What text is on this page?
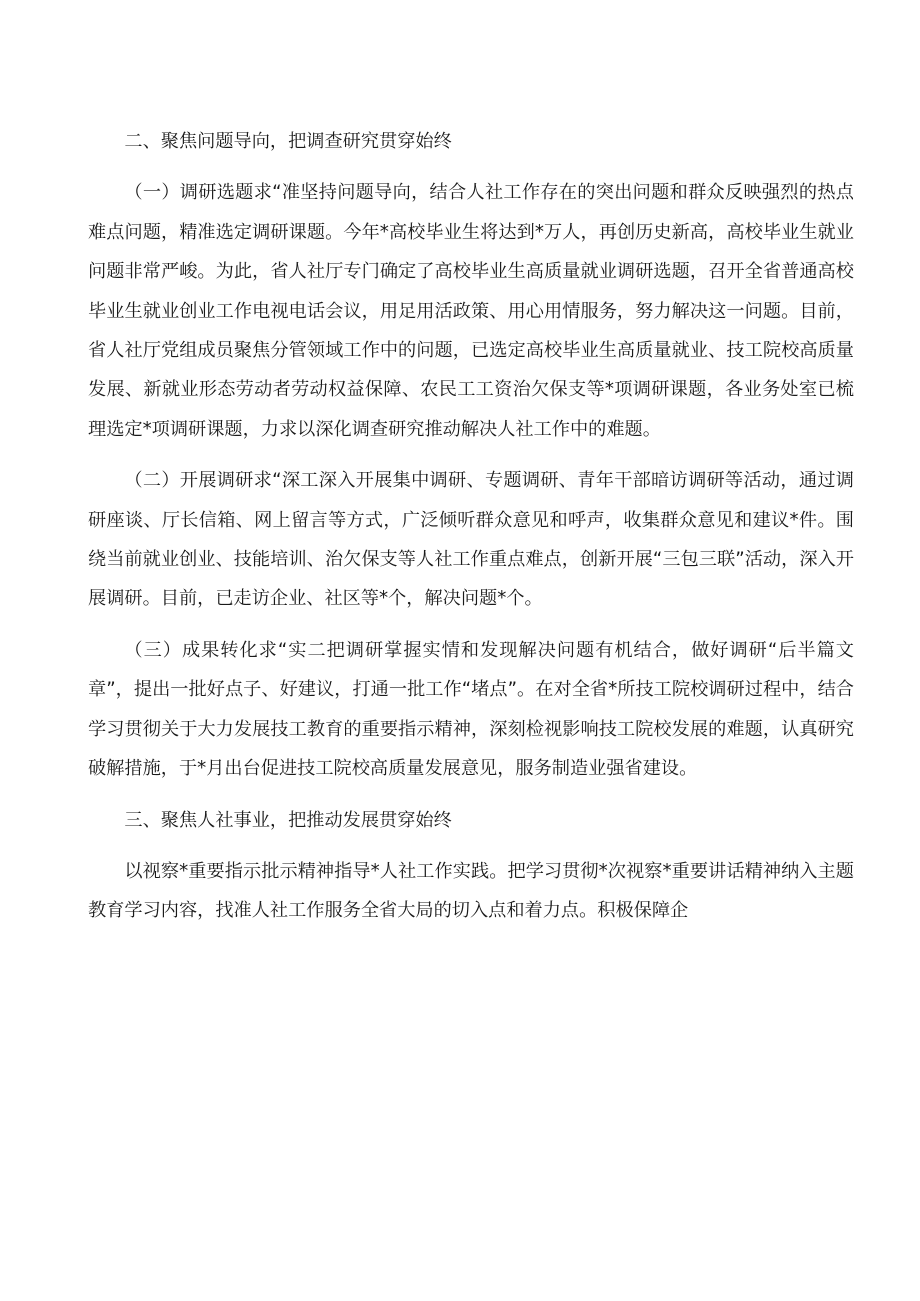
二、聚焦问题导向，把调查研究贯穿始终

（一）调研选题求“准坚持问题导向，结合人社工作存在的突出问题和群众反映强烈的热点难点问题，精准选定调研课题。今年*高校毕业生将达到*万人，再创历史新高，高校毕业生就业问题非常严峻。为此，省人社厅专门确定了高校毕业生高质量就业调研选题，召开全省普通高校毕业生就业创业工作电视电话会议，用足用活政策、用心用情服务，努力解决这一问题。目前，省人社厅党组成员聚焦分管领域工作中的问题，已选定高校毕业生高质量就业、技工院校高质量发展、新就业形态劳动者劳动权益保障、农民工工资治欠保支等*项调研课题，各业务处室已梳理选定*项调研课题，力求以深化调查研究推动解决人社工作中的难题。

（二）开展调研求“深工深入开展集中调研、专题调研、青年干部暗访调研等活动，通过调研座谈、厅长信箱、网上留言等方式，广泛倾听群众意见和呼声，收集群众意见和建议*件。围绕当前就业创业、技能培训、治欠保支等人社工作重点难点，创新开展“三包三联”活动，深入开展调研。目前，已走访企业、社区等*个，解决问题*个。

（三）成果转化求“实二把调研掌握实情和发现解决问题有机结合，做好调研“后半篇文章”，提出一批好点子、好建议，打通一批工作“堵点”。在对全省*所技工院校调研过程中，结合学习贯彻关于大力发展技工教育的重要指示精神，深刻检视影响技工院校发展的难题，认真研究破解措施，于*月出台促进技工院校高质量发展意见，服务制造业强省建设。

三、聚焦人社事业，把推动发展贯穿始终

以视察*重要指示批示精神指导*人社工作实践。把学习贯彻*次视察*重要讲话精神纳入主题教育学习内容，找准人社工作服务全省大局的切入点和着力点。积极保障企
